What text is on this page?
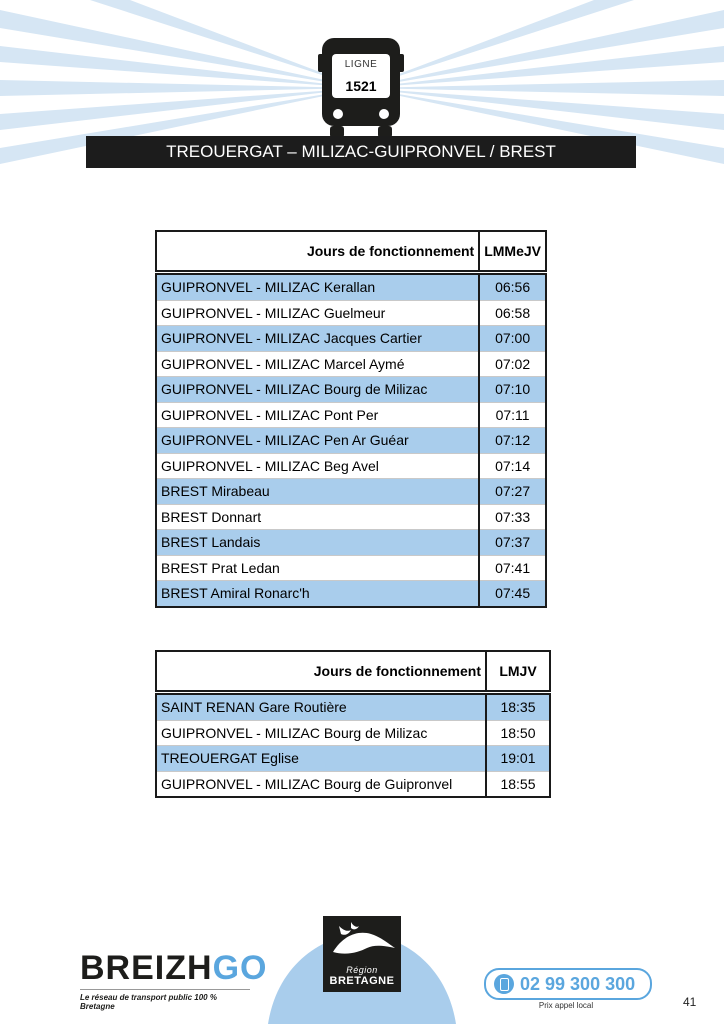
LIGNE
1521
TREOUERGAT – MILIZAC-GUIPRONVEL / BREST
Jours de fonctionnement	LMMeJV
GUIPRONVEL - MILIZAC Kerallan	06:56
GUIPRONVEL - MILIZAC Guelmeur	06:58
GUIPRONVEL - MILIZAC Jacques Cartier	07:00
GUIPRONVEL - MILIZAC Marcel Aymé	07:02
GUIPRONVEL - MILIZAC Bourg de Milizac	07:10
GUIPRONVEL - MILIZAC Pont Per	07:11
GUIPRONVEL - MILIZAC Pen Ar Guéar	07:12
GUIPRONVEL - MILIZAC Beg Avel	07:14
BREST Mirabeau	07:27
BREST Donnart	07:33
BREST Landais	07:37
BREST Prat Ledan	07:41
BREST Amiral Ronarc'h	07:45
Jours de fonctionnement	LMJV
SAINT RENAN Gare Routière	18:35
GUIPRONVEL - MILIZAC Bourg de Milizac	18:50
TREOUERGAT Eglise	19:01
GUIPRONVEL - MILIZAC Bourg de Guipronvel	18:55
BREIZHGO
Le réseau de transport public 100 % Bretagne
Région
BRETAGNE	02 99 300 300
Prix appel local	41
